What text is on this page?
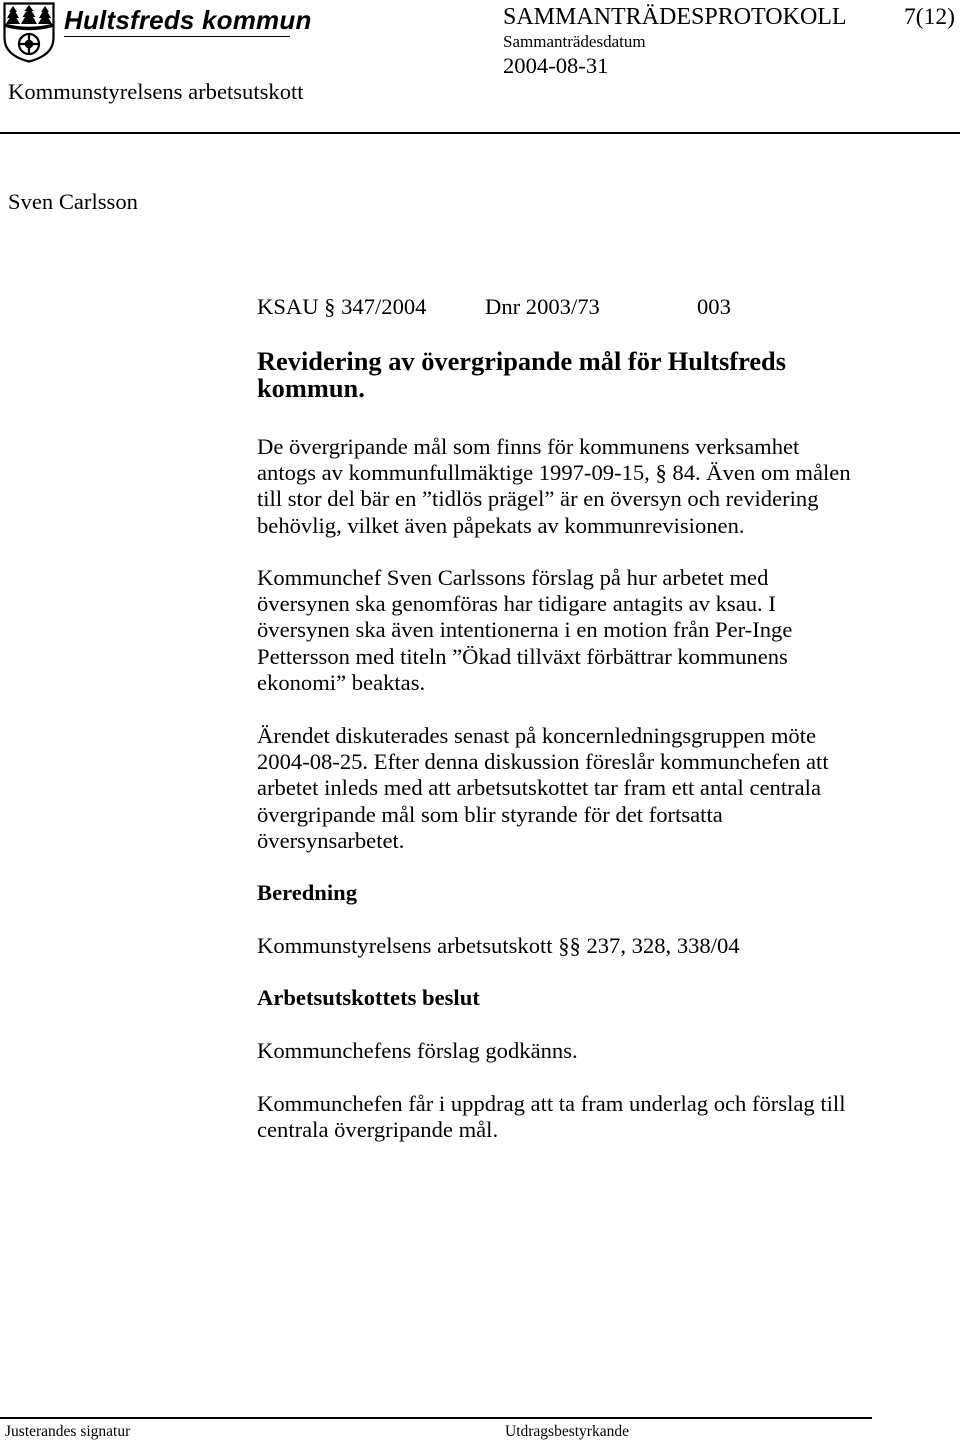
Hultsfreds kommun	SAMMANTRÄDESPROTOKOLL 7(12)
Sammanträdesdatum
2004-08-31
Kommunstyrelsens arbetsutskott
Sven Carlsson
KSAU § 347/2004	Dnr 2003/73	003
Revidering av övergripande mål för Hultsfreds
kommun.
De övergripande mål som finns för kommunens verksamhet
antogs av kommunfullmäktige 1997-09-15, § 84. Även om målen
till stor del bär en ”tidlös prägel” är en översyn och revidering
behövlig, vilket även påpekats av kommunrevisionen.
Kommunchef Sven Carlssons förslag på hur arbetet med
översynen ska genomföras har tidigare antagits av ksau. I
översynen ska även intentionerna i en motion från Per-Inge
Pettersson med titeln ”Ökad tillväxt förbättrar kommunens
ekonomi” beaktas.
Ärendet diskuterades senast på koncernledningsgruppen möte
2004-08-25. Efter denna diskussion föreslår kommunchefen att
arbetet inleds med att arbetsutskottet tar fram ett antal centrala
övergripande mål som blir styrande för det fortsatta
översynsarbetet.
Beredning
Kommunstyrelsens arbetsutskott §§ 237, 328, 338/04
Arbetsutskottets beslut
Kommunchefens förslag godkänns.
Kommunchefen får i uppdrag att ta fram underlag och förslag till
centrala övergripande mål.
Justerandes signatur	Utdragsbestyrkande
